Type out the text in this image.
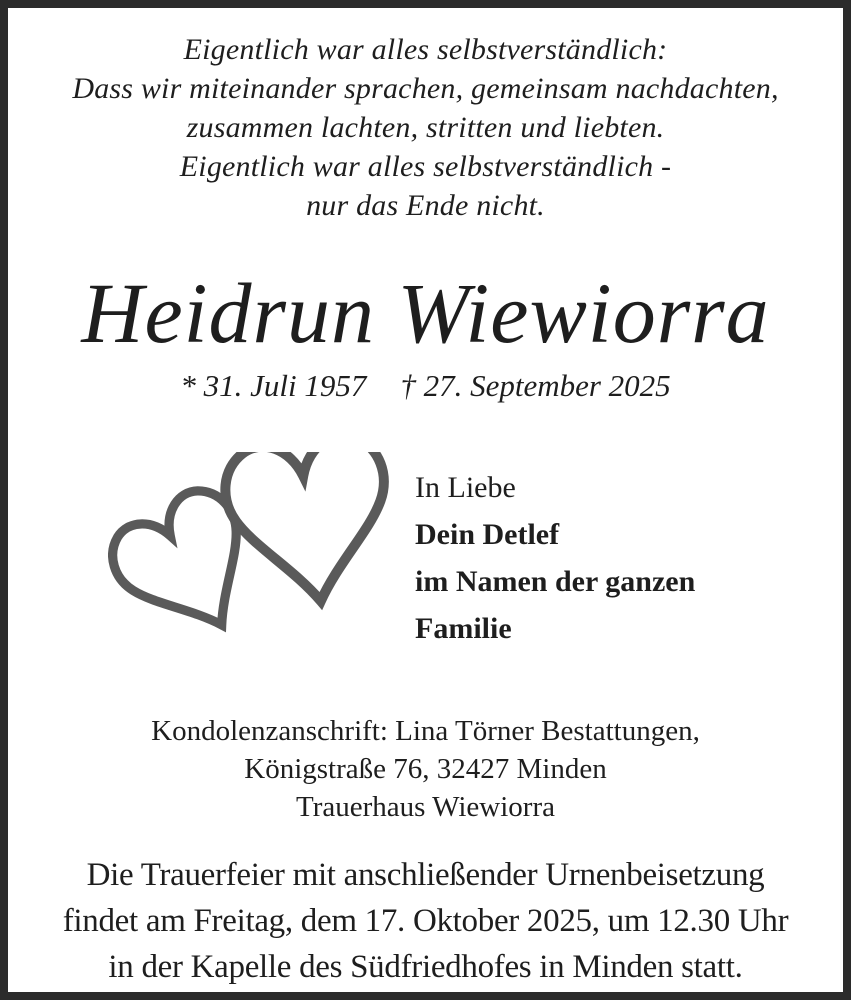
Eigentlich war alles selbstverständlich:
Dass wir miteinander sprachen, gemeinsam nachdachten,
zusammen lachten, stritten und liebten.
Eigentlich war alles selbstverständlich -
nur das Ende nicht.
Heidrun Wiewiorra
* 31. Juli 1957 † 27. September 2025
In Liebe
Dein Detlef
im Namen der ganzen
Familie
Kondolenzanschrift: Lina Törner Bestattungen,
Königstraße 76, 32427 Minden
Trauerhaus Wiewiorra
Die Trauerfeier mit anschließender Urnenbeisetzung
findet am Freitag, dem 17. Oktober 2025, um 12.30 Uhr
in der Kapelle des Südfriedhofes in Minden statt.
